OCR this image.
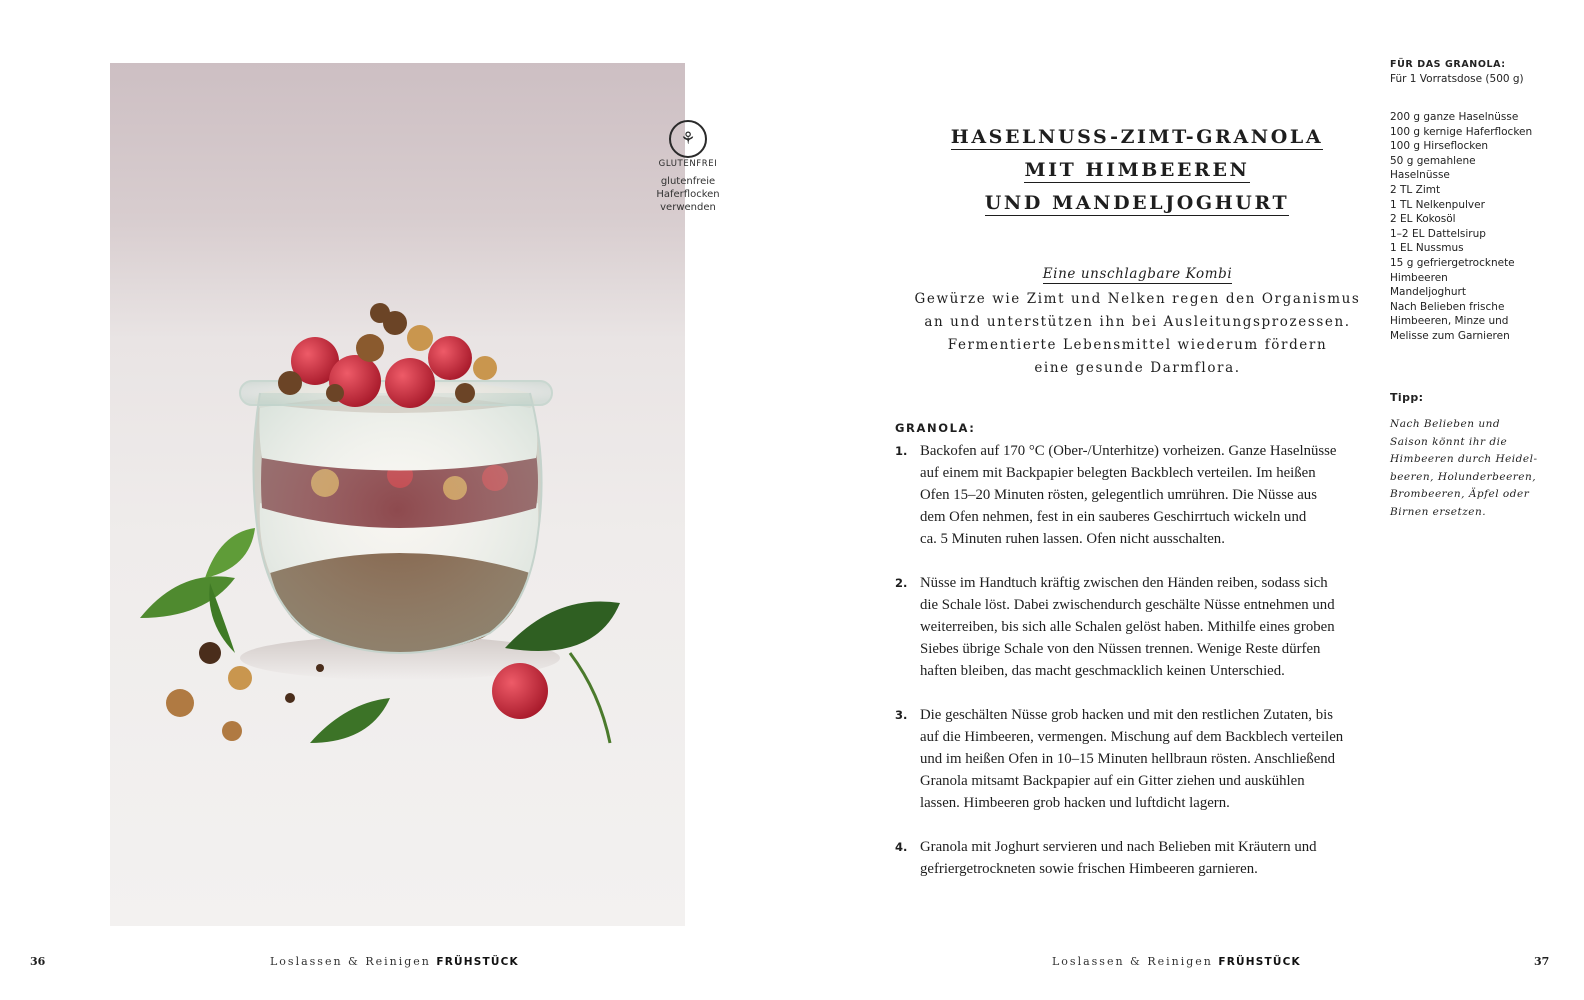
⚘
GLUTENFREI
glutenfreie
Haferflocken
verwenden
36	Loslassen & Reinigen FRÜHSTÜCK
HASELNUSS-ZIMT-GRANOLA
MIT HIMBEEREN
UND MANDELJOGHURT
Eine unschlagbare Kombi
Gewürze wie Zimt und Nelken regen den Organismus
an und unterstützen ihn bei Ausleitungsprozessen.
Fermentierte Lebensmittel wiederum fördern
eine gesunde Darmflora.
GRANOLA:
1. Backofen auf 170 °C (Ober-/Unterhitze) vorheizen. Ganze Haselnüsse
auf einem mit Backpapier belegten Backblech verteilen. Im heißen
Ofen 15–20 Minuten rösten, gelegentlich umrühren. Die Nüsse aus
dem Ofen nehmen, fest in ein sauberes Geschirrtuch wickeln und
ca. 5 Minuten ruhen lassen. Ofen nicht ausschalten.
2. Nüsse im Handtuch kräftig zwischen den Händen reiben, sodass sich
die Schale löst. Dabei zwischendurch geschälte Nüsse entnehmen und
weiterreiben, bis sich alle Schalen gelöst haben. Mithilfe eines groben
Siebes übrige Schale von den Nüssen trennen. Wenige Reste dürfen
haften bleiben, das macht geschmacklich keinen Unterschied.
3. Die geschälten Nüsse grob hacken und mit den restlichen Zutaten, bis
auf die Himbeeren, vermengen. Mischung auf dem Backblech verteilen
und im heißen Ofen in 10–15 Minuten hellbraun rösten. Anschließend
Granola mitsamt Backpapier auf ein Gitter ziehen und auskühlen
lassen. Himbeeren grob hacken und luftdicht lagern.
4. Granola mit Joghurt servieren und nach Belieben mit Kräutern und
gefriergetrockneten sowie frischen Himbeeren garnieren.
FÜR DAS GRANOLA:
Für 1 Vorratsdose (500 g)
200 g ganze Haselnüsse
100 g kernige Haferflocken
100 g Hirseflocken
50 g gemahlene
Haselnüsse
2 TL Zimt
1 TL Nelkenpulver
2 EL Kokosöl
1–2 EL Dattelsirup
1 EL Nussmus
15 g gefriergetrocknete
Himbeeren
Mandeljoghurt
Nach Belieben frische
Himbeeren, Minze und
Melisse zum Garnieren
Tipp:
Nach Belieben und
Saison könnt ihr die
Himbeeren durch Heidel-
beeren, Holunderbeeren,
Brombeeren, Äpfel oder
Birnen ersetzen.
Loslassen & Reinigen FRÜHSTÜCK	37
